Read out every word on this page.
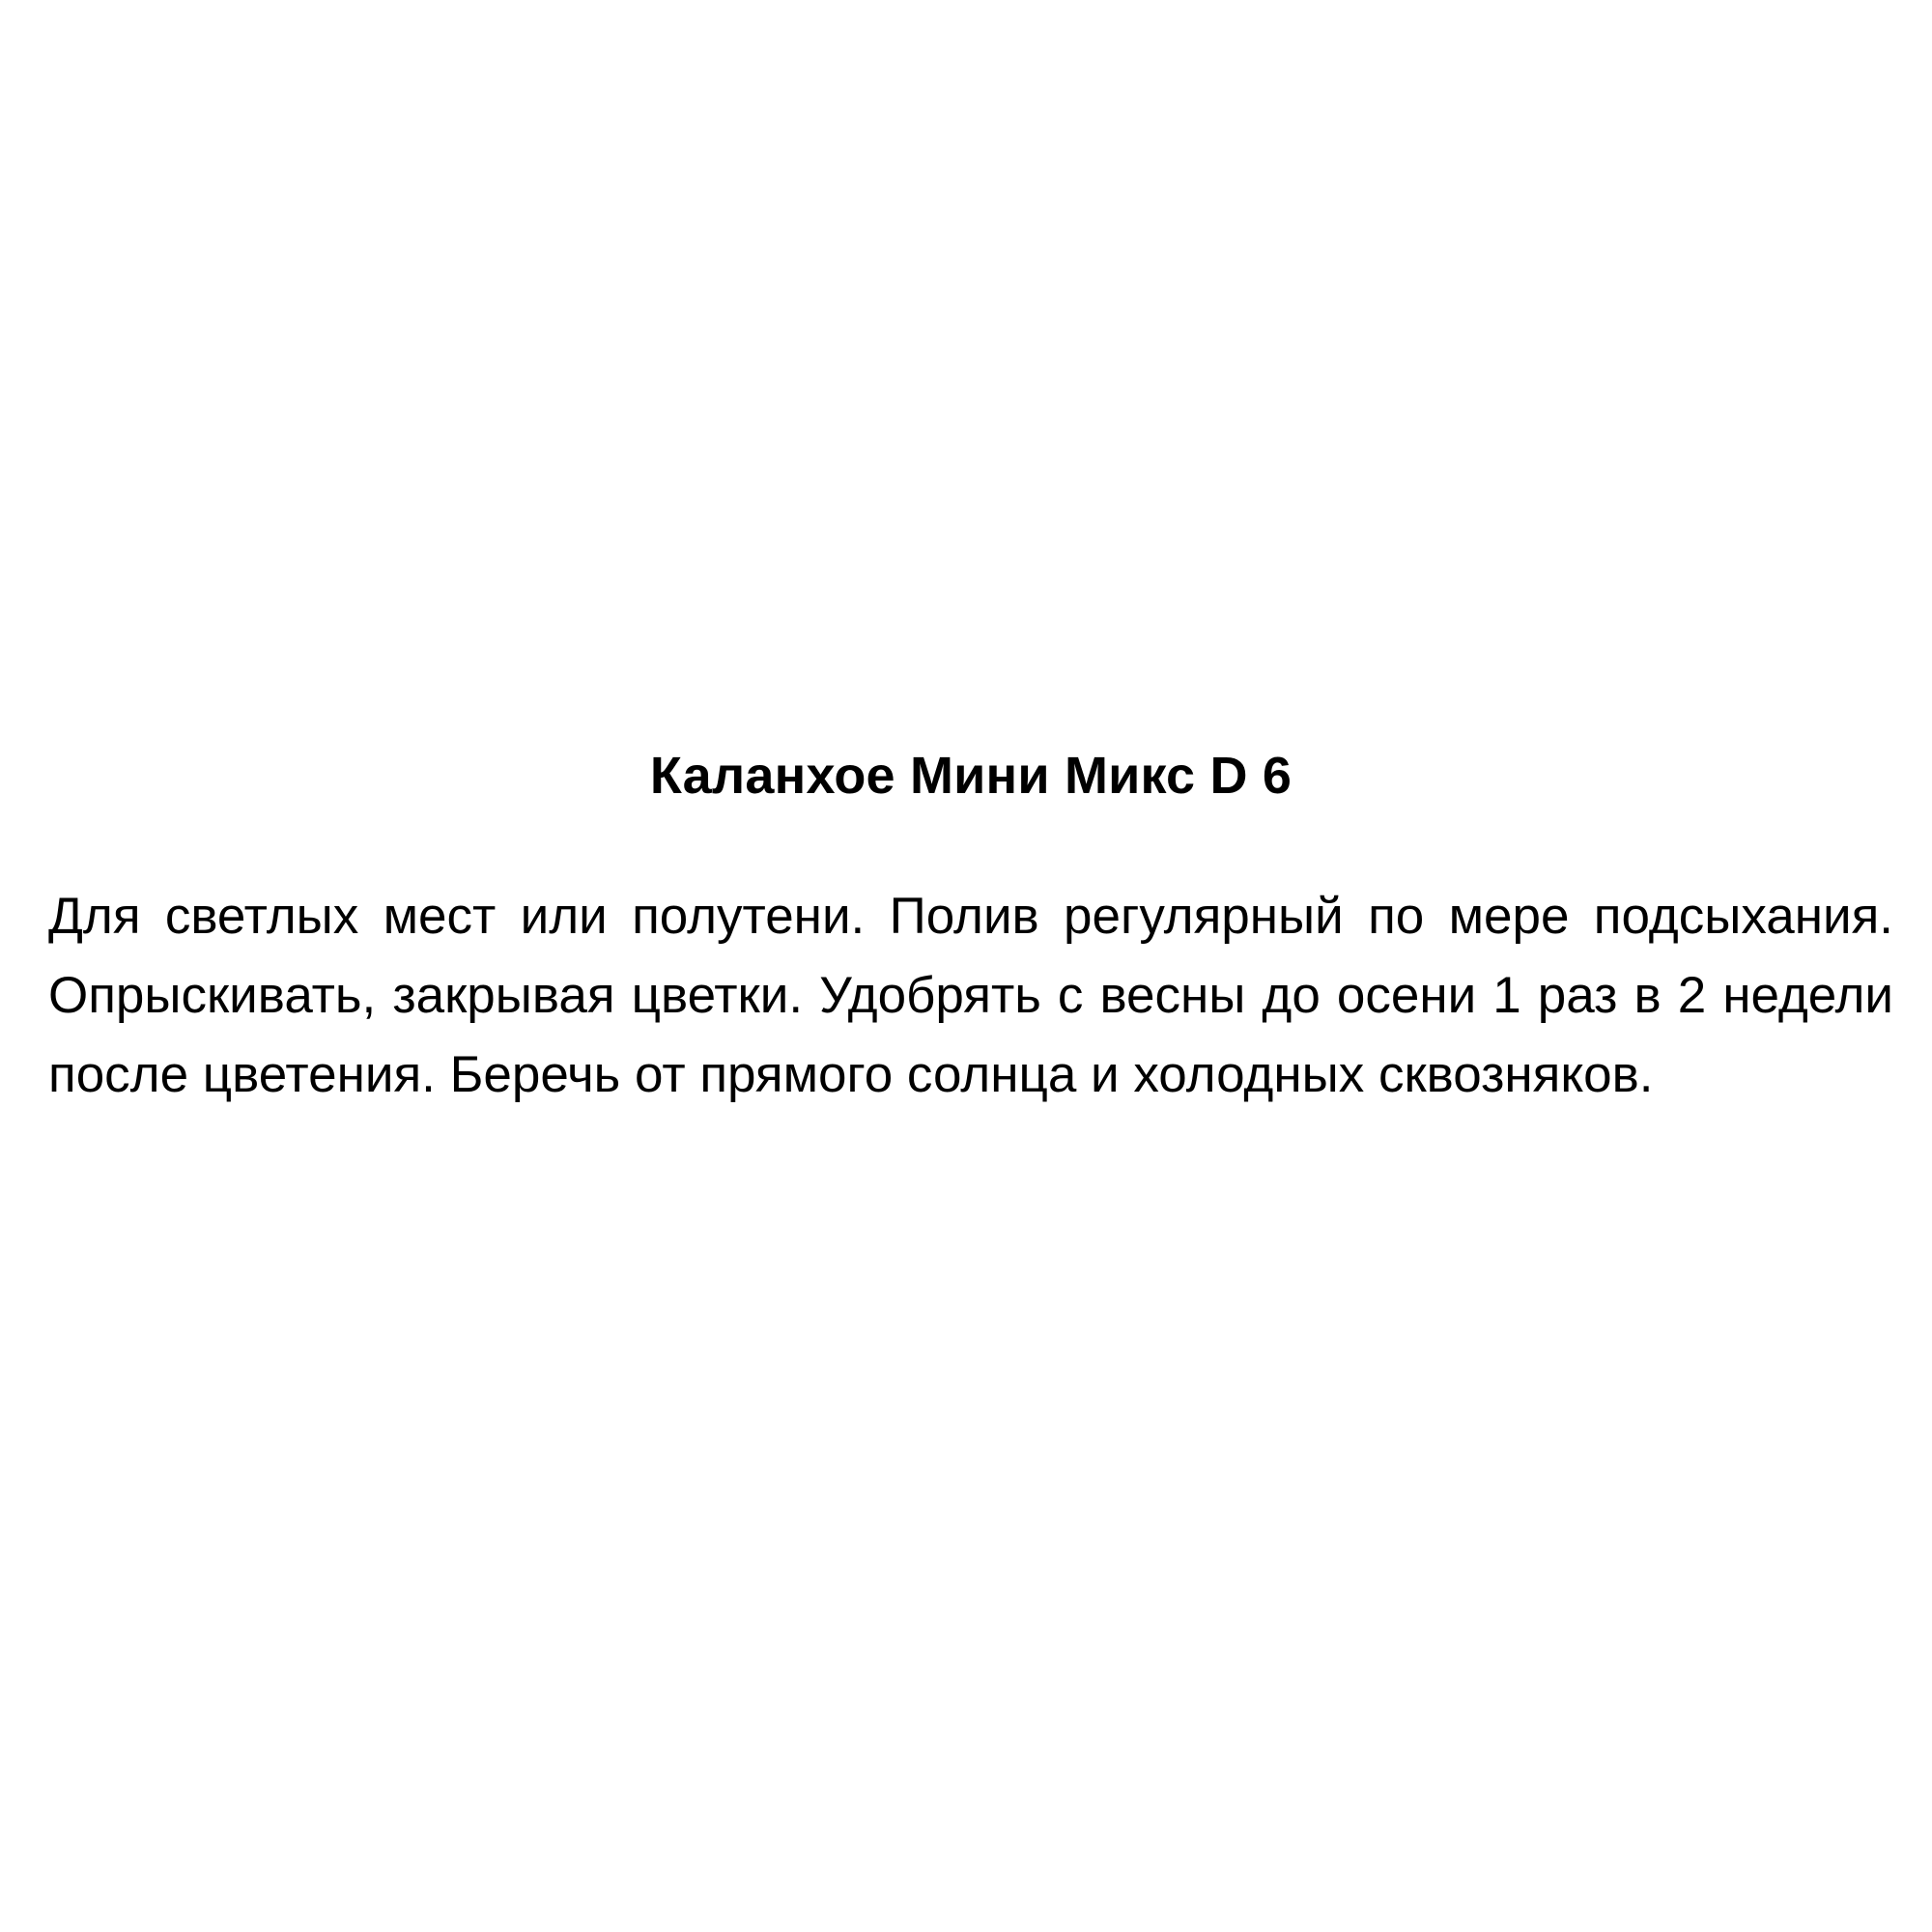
Каланхое Мини Микс D 6

Для светлых мест или полутени. Полив регулярный по мере подсыхания. Опрыскивать, закрывая цветки. Удобрять с весны до осени 1 раз в 2 недели после цветения. Беречь от прямого солнца и холодных сквозняков.
